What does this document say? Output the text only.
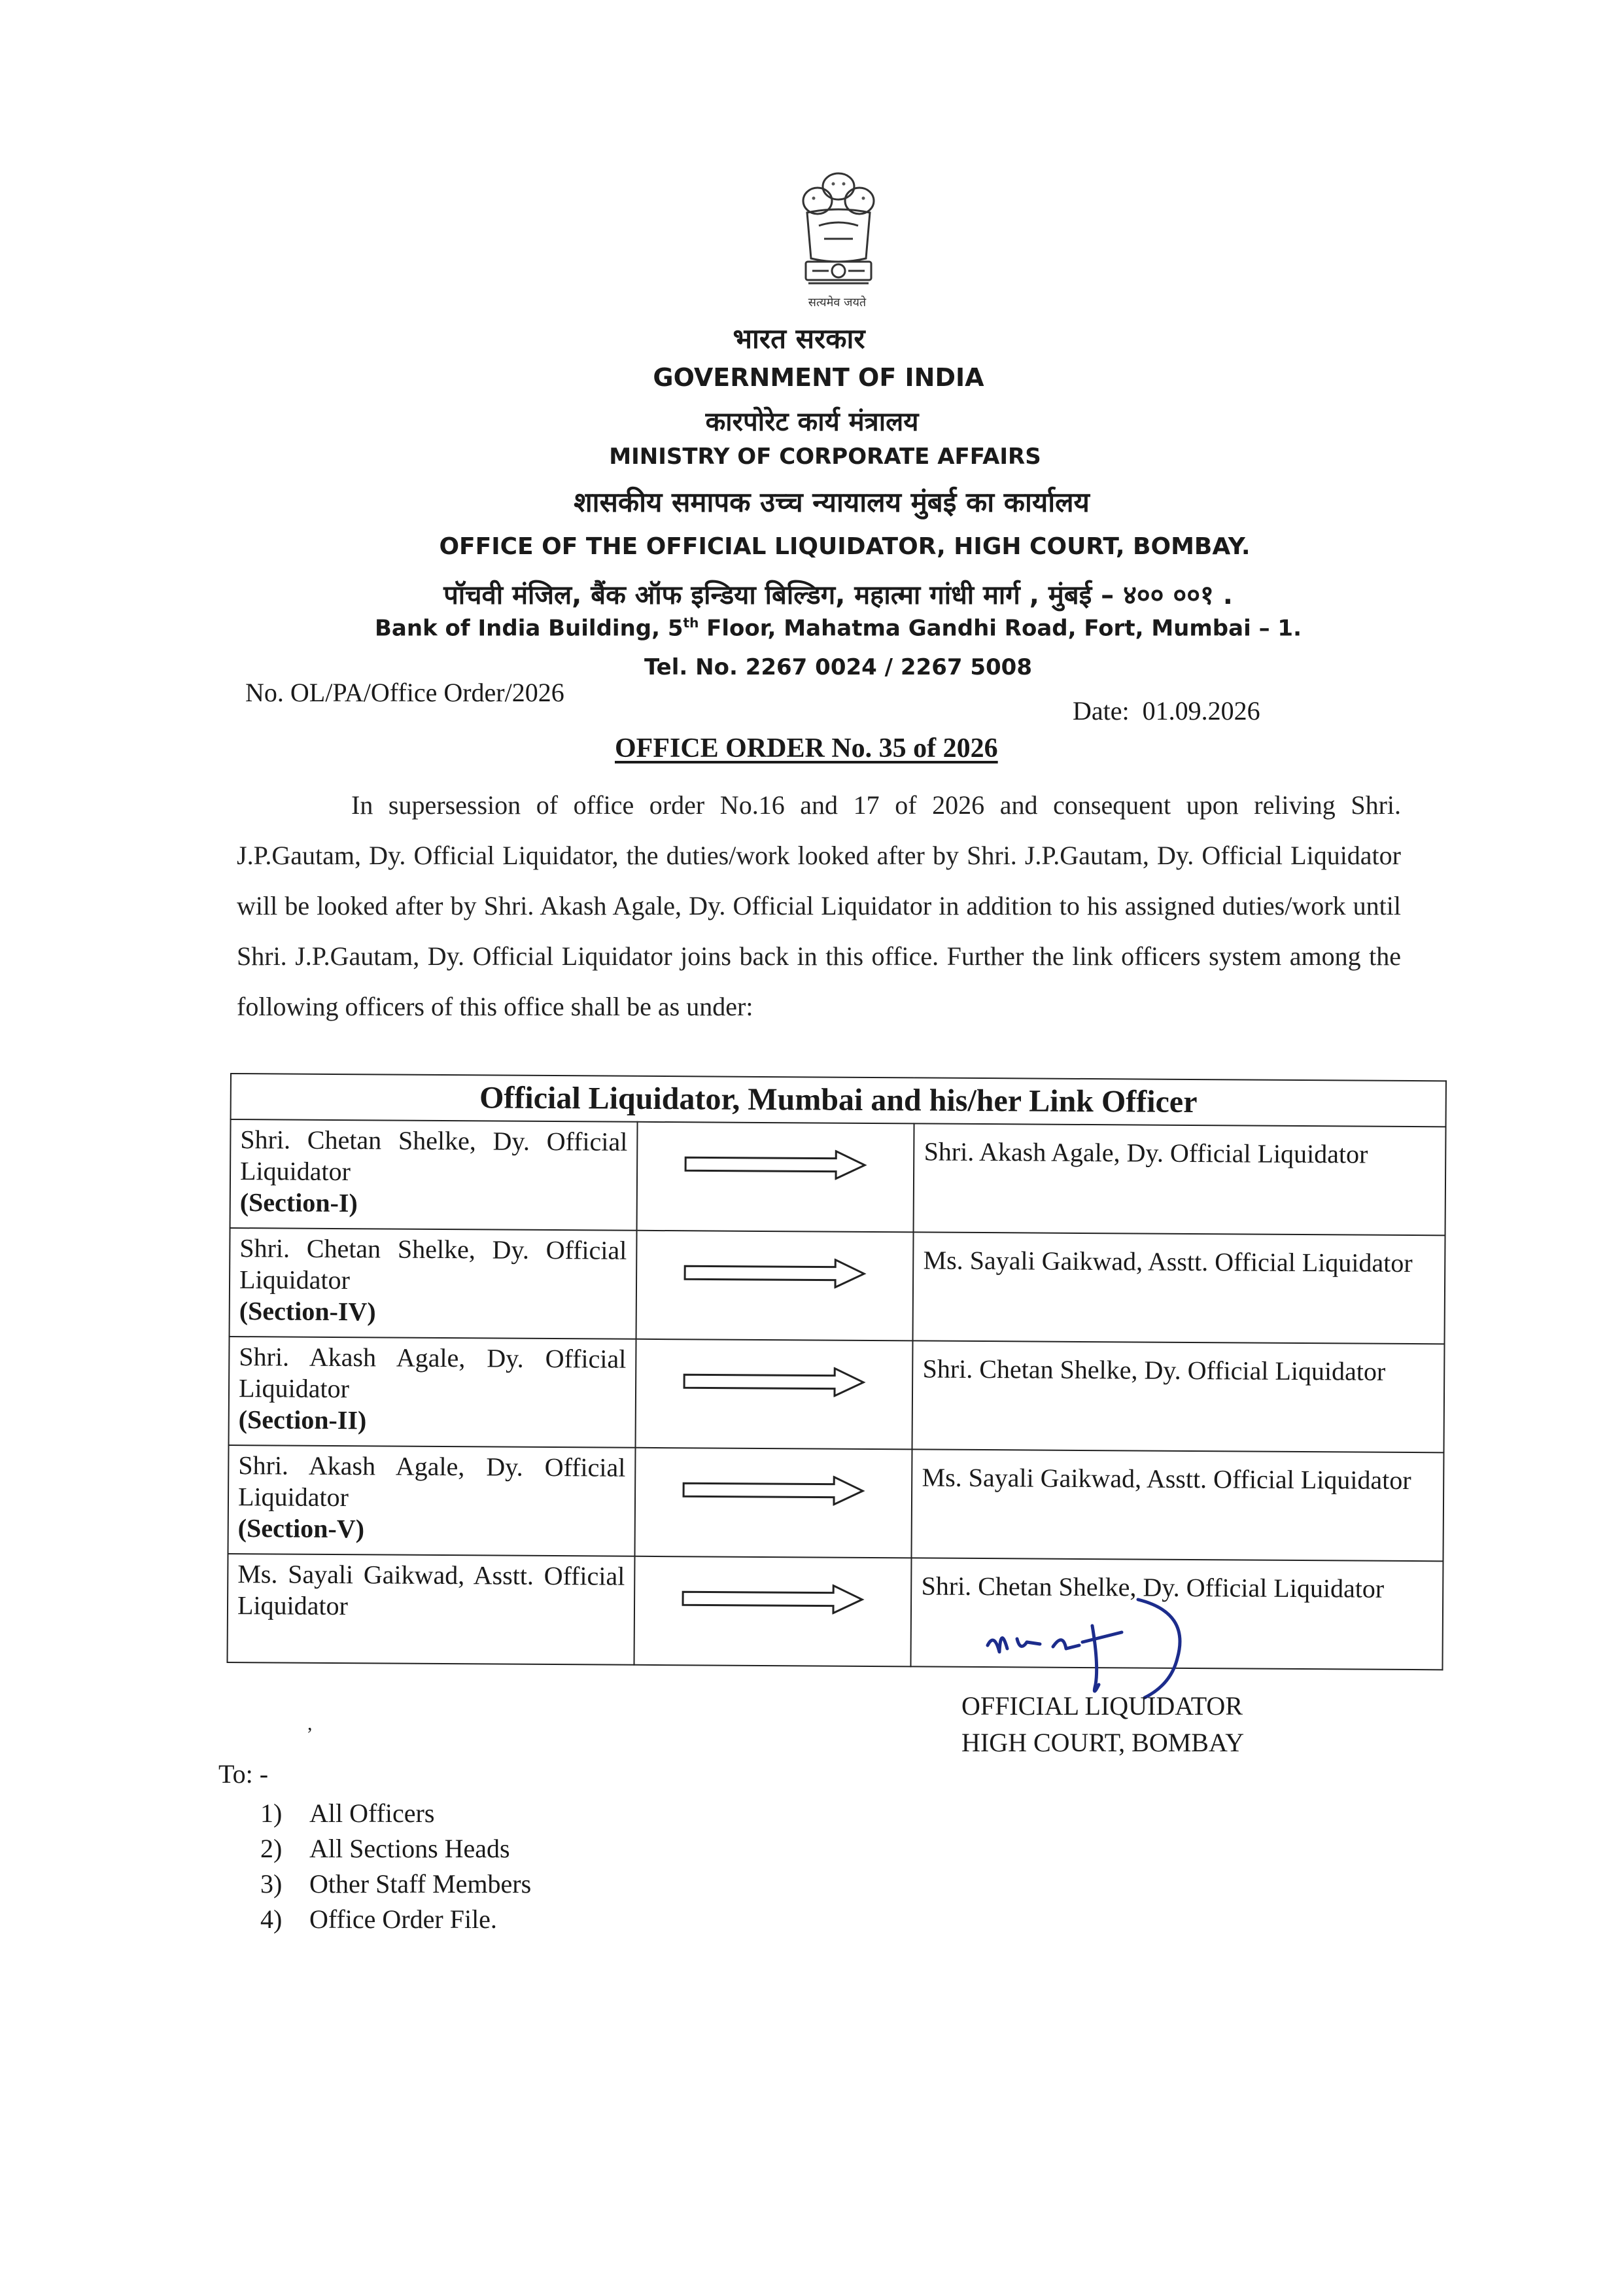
सत्यमेव जयते
भारत सरकार
GOVERNMENT OF INDIA
कारपोरेट कार्य मंत्रालय
MINISTRY OF CORPORATE AFFAIRS
शासकीय समापक उच्च न्यायालय मुंबई का कार्यालय
OFFICE OF THE OFFICIAL LIQUIDATOR, HIGH COURT, BOMBAY.
पॉचवी मंजिल, बैंक ऑफ इन्डिया बिल्डिग, महात्मा गांधी मार्ग , मुंबई – ४०० ००१ .
Bank of India Building, 5th Floor, Mahatma Gandhi Road, Fort, Mumbai – 1.
Tel. No. 2267 0024 / 2267 5008
No. OL/PA/Office Order/2026
Date: 01.09.2026
OFFICE ORDER No. 35 of 2026
In supersession of office order No.16 and 17 of 2026 and consequent upon reliving Shri. J.P.Gautam, Dy. Official Liquidator, the duties/work looked after by Shri. J.P.Gautam, Dy. Official Liquidator will be looked after by Shri. Akash Agale, Dy. Official Liquidator in addition to his assigned duties/work until Shri. J.P.Gautam, Dy. Official Liquidator joins back in this office. Further the link officers system among the following officers of this office shall be as under:
Official Liquidator, Mumbai and his/her Link Officer		
Shri. Chetan Shelke, Dy. Official Liquidator
(Section-I)		Shri. Akash Agale, Dy. Official Liquidator
Shri. Chetan Shelke, Dy. Official Liquidator
(Section-IV)		Ms. Sayali Gaikwad, Asstt. Official Liquidator
Shri. Akash Agale, Dy. Official Liquidator
(Section-II)		Shri. Chetan Shelke, Dy. Official Liquidator
Shri. Akash Agale, Dy. Official Liquidator
(Section-V)		Ms. Sayali Gaikwad, Asstt. Official Liquidator
Ms. Sayali Gaikwad, Asstt. Official Liquidator		Shri. Chetan Shelke, Dy. Official Liquidator
OFFICIAL LIQUIDATOR
HIGH COURT, BOMBAY
,
To: -
1) All Officers
2) All Sections Heads
3) Other Staff Members
4) Office Order File.
